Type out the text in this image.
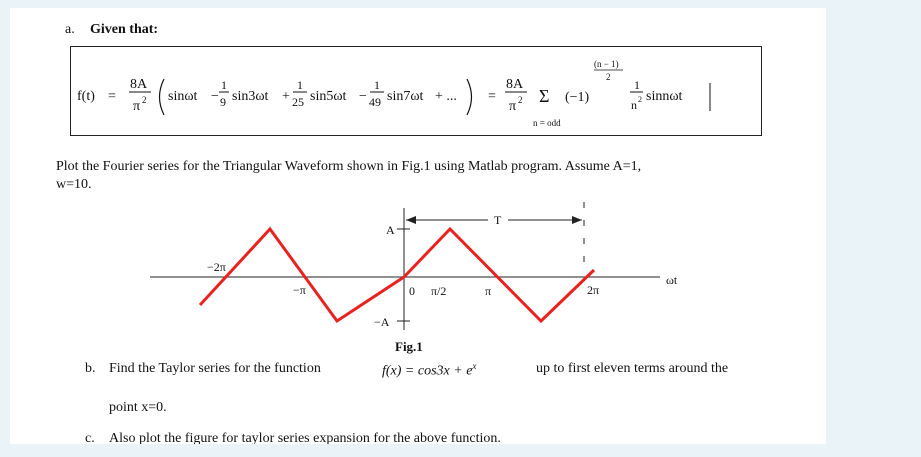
a. Given that:
f(t) =
8A
π 2 sinωt −
1
9 sin3ωt +
1
25 sin5ωt −
1
49 sin7ωt + ... =
8A
π 2 Σ
n = odd
(−1)
(n − 1)
2
1
n 2 sinnωt
Plot the Fourier series for the Triangular Waveform shown in Fig.1 using Matlab program. Assume A=1,
w=10.
A
−A
T
−2π
−π	0 π/2	π	2π
ωt
Fig.1
b. Find the Taylor series for the function	$f(x) = \cos 3x + e^x$	up to first eleven terms around the
point x=0.
c. Also plot the figure for taylor series expansion for the above function.
